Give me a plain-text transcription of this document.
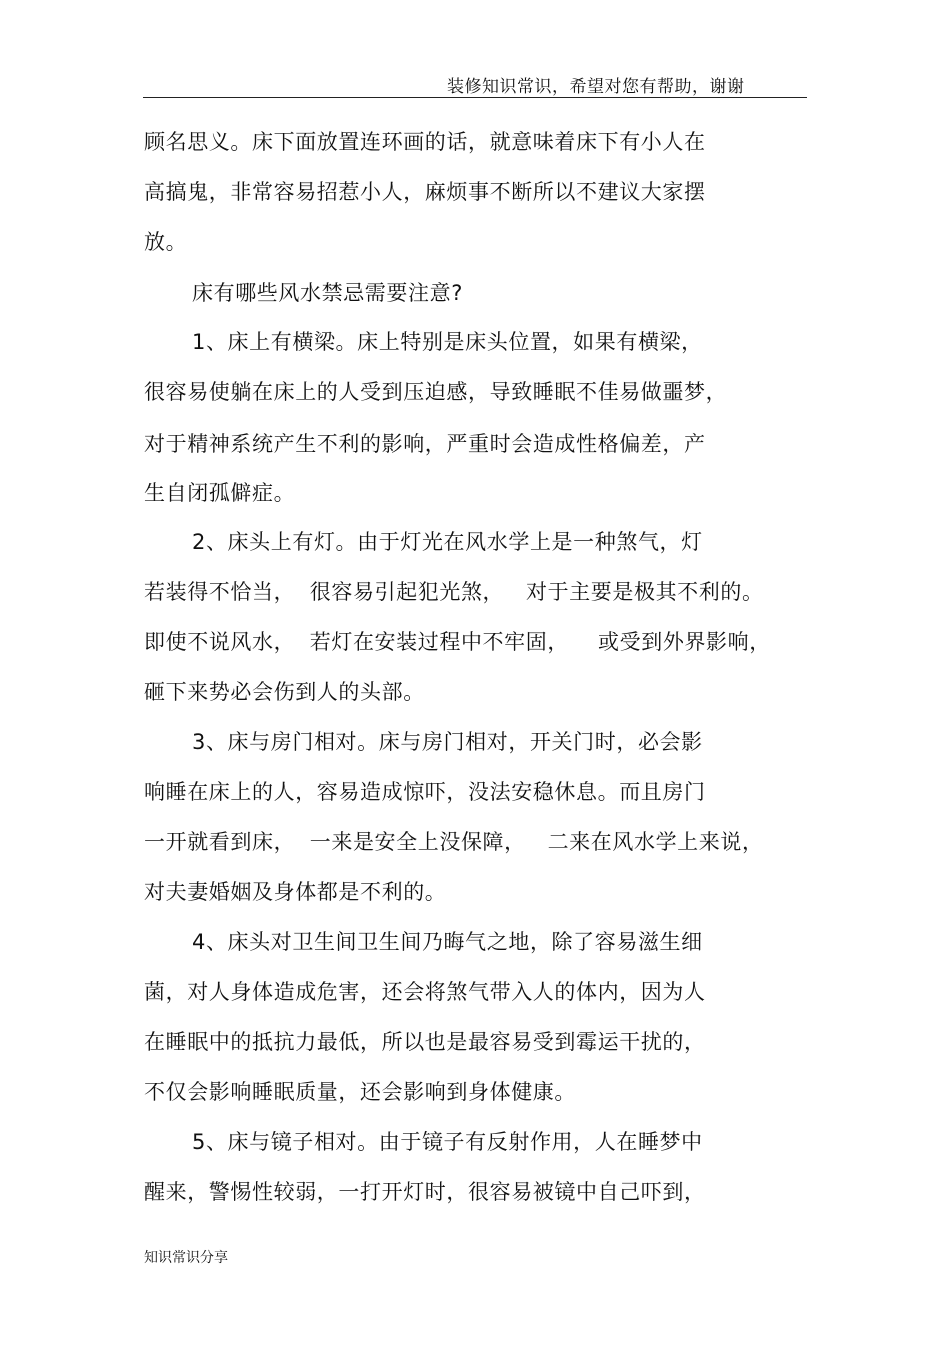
装修知识常识，希望对您有帮助，谢谢
顾名思义。床下面放置连环画的话，就意味着床下有小人在
高搞鬼，非常容易招惹小人，麻烦事不断所以不建议大家摆
放。
床有哪些风水禁忌需要注意?
1、床上有横梁。床上特别是床头位置，如果有横梁，
很容易使躺在床上的人受到压迫感，导致睡眠不佳易做噩梦，
对于精神系统产生不利的影响，严重时会造成性格偏差，产
生自闭孤僻症。
2、床头上有灯。由于灯光在风水学上是一种煞气，灯
若装得不恰当，  很容易引起犯光煞，   对于主要是极其不利的。
即使不说风水，  若灯在安装过程中不牢固，    或受到外界影响，
砸下来势必会伤到人的头部。
3、床与房门相对。床与房门相对，开关门时，必会影
响睡在床上的人，容易造成惊吓，没法安稳休息。而且房门
一开就看到床，  一来是安全上没保障，   二来在风水学上来说，
对夫妻婚姻及身体都是不利的。
4、床头对卫生间卫生间乃晦气之地，除了容易滋生细
菌，对人身体造成危害，还会将煞气带入人的体内，因为人
在睡眠中的抵抗力最低，所以也是最容易受到霉运干扰的，
不仅会影响睡眠质量，还会影响到身体健康。
5、床与镜子相对。由于镜子有反射作用，人在睡梦中
醒来，警惕性较弱，一打开灯时，很容易被镜中自己吓到，
知识常识分享
